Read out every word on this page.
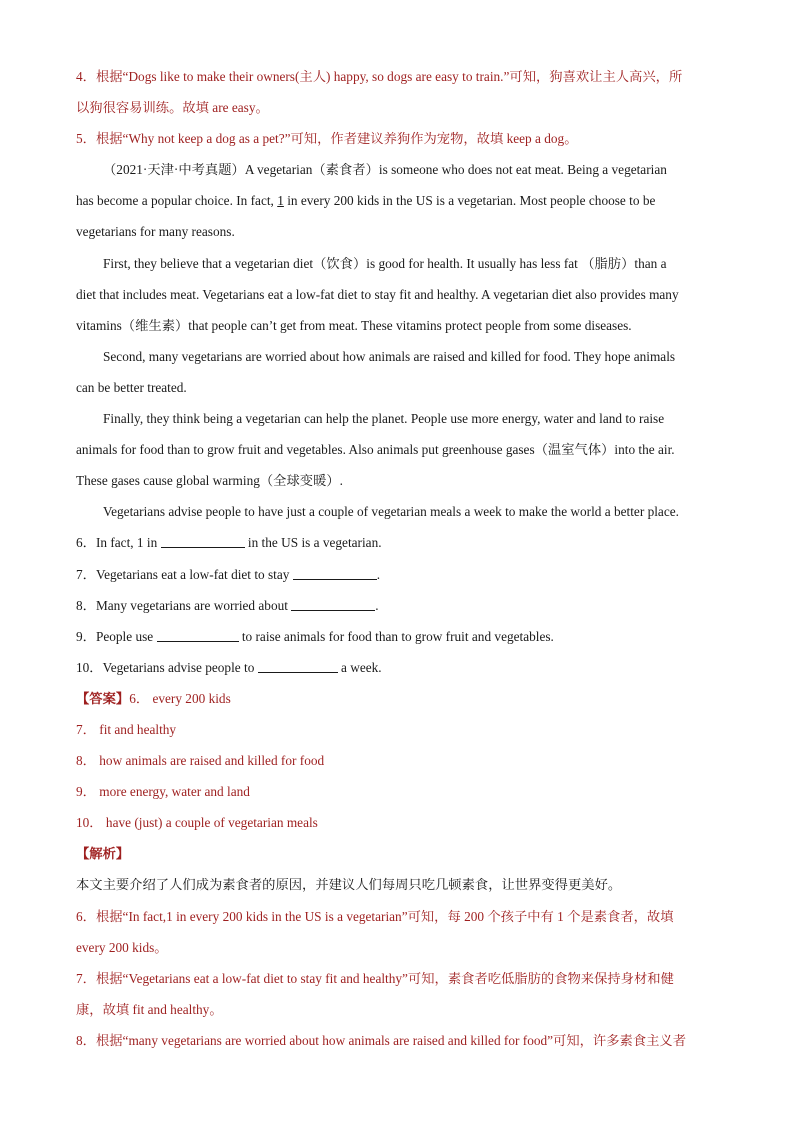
4．根据“Dogs like to make their owners(主人) happy, so dogs are easy to train.”可知，狗喜欢让主人高兴，所
以狗很容易训练。故填 are easy。
5．根据“Why not keep a dog as a pet?”可知，作者建议养狗作为宠物，故填 keep a dog。
（2021·天津·中考真题）A vegetarian（素食者）is someone who does not eat meat. Being a vegetarian
has become a popular choice. In fact, 1 in every 200 kids in the US is a vegetarian. Most people choose to be
vegetarians for many reasons.
First, they believe that a vegetarian diet（饮食）is good for health. It usually has less fat （脂肪）than a
diet that includes meat. Vegetarians eat a low-fat diet to stay fit and healthy. A vegetarian diet also provides many
vitamins（维生素）that people can’t get from meat. These vitamins protect people from some diseases.
Second, many vegetarians are worried about how animals are raised and killed for food. They hope animals
can be better treated.
Finally, they think being a vegetarian can help the planet. People use more energy, water and land to raise
animals for food than to grow fruit and vegetables. Also animals put greenhouse gases（温室气体）into the air.
These gases cause global warming（全球变暖）.
Vegetarians advise people to have just a couple of vegetarian meals a week to make the world a better place.
6．In fact, 1 in	in the US is a vegetarian.
7．Vegetarians eat a low-fat diet to stay	.
8．Many vegetarians are worried about	.
9．People use	to raise animals for food than to grow fruit and vegetables.
10．Vegetarians advise people to	a week.
【答案】6． every 200 kids
7． fit and healthy
8． how animals are raised and killed for food
9． more energy, water and land
10． have (just) a couple of vegetarian meals
【解析】
本文主要介绍了人们成为素食者的原因，并建议人们每周只吃几顿素食，让世界变得更美好。
6．根据“In fact,1 in every 200 kids in the US is a vegetarian”可知，每 200 个孩子中有 1 个是素食者，故填
every 200 kids。
7．根据“Vegetarians eat a low-fat diet to stay fit and healthy”可知，素食者吃低脂肪的食物来保持身材和健
康，故填 fit and healthy。
8．根据“many vegetarians are worried about how animals are raised and killed for food”可知，许多素食主义者
